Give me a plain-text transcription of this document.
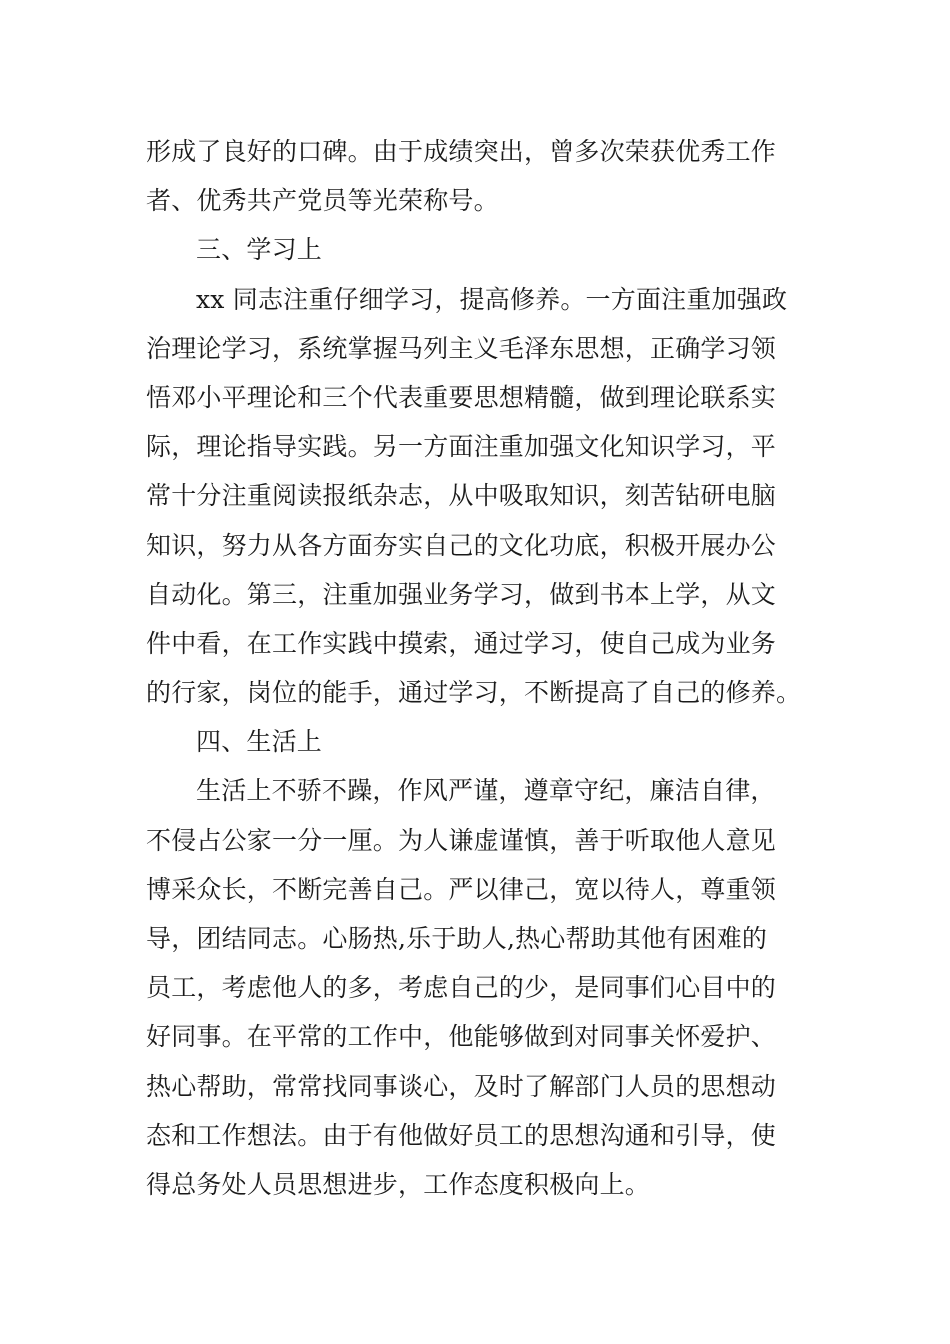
形成了良好的口碑。由于成绩突出，曾多次荣获优秀工作
者、优秀共产党员等光荣称号。
三、学习上
xx 同志注重仔细学习，提高修养。一方面注重加强政
治理论学习，系统掌握马列主义毛泽东思想，正确学习领
悟邓小平理论和三个代表重要思想精髓，做到理论联系实
际，理论指导实践。另一方面注重加强文化知识学习，平
常十分注重阅读报纸杂志，从中吸取知识，刻苦钻研电脑
知识，努力从各方面夯实自己的文化功底，积极开展办公
自动化。第三，注重加强业务学习，做到书本上学，从文
件中看，在工作实践中摸索，通过学习，使自己成为业务
的行家，岗位的能手，通过学习，不断提高了自己的修养。
四、生活上
生活上不骄不躁，作风严谨，遵章守纪，廉洁自律，
不侵占公家一分一厘。为人谦虚谨慎，善于听取他人意见
博采众长，不断完善自己。严以律己，宽以待人，尊重领
导，团结同志。心肠热,乐于助人,热心帮助其他有困难的
员工，考虑他人的多，考虑自己的少，是同事们心目中的
好同事。在平常的工作中，他能够做到对同事关怀爱护、
热心帮助，常常找同事谈心，及时了解部门人员的思想动
态和工作想法。由于有他做好员工的思想沟通和引导，使
得总务处人员思想进步，工作态度积极向上。
